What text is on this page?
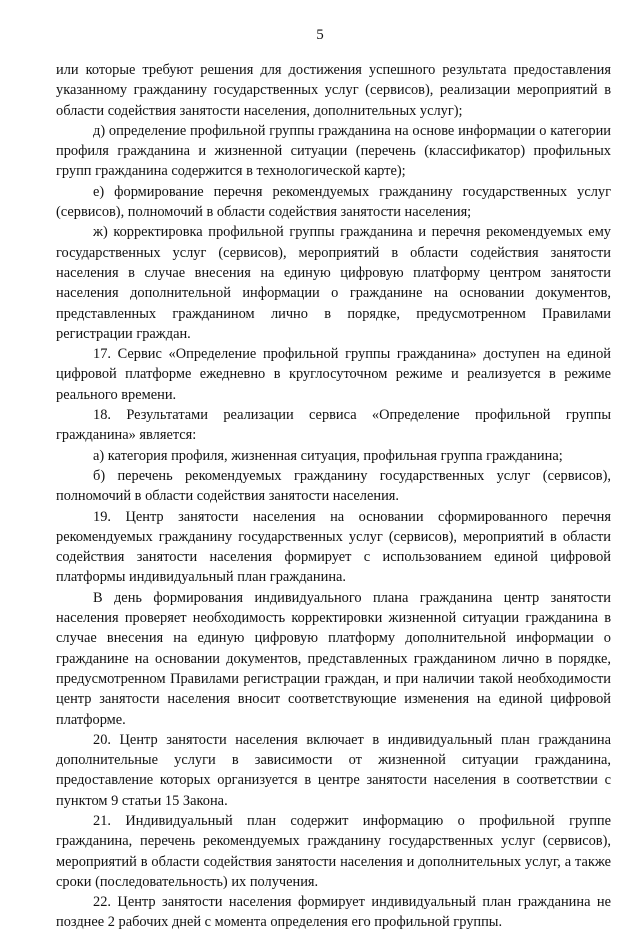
5

или которые требуют решения для достижения успешного результата предоставления указанному гражданину государственных услуг (сервисов), реализации мероприятий в области содействия занятости населения, дополнительных услуг);

д) определение профильной группы гражданина на основе информации о категории профиля гражданина и жизненной ситуации (перечень (классификатор) профильных групп гражданина содержится в технологической карте);

е) формирование перечня рекомендуемых гражданину государственных услуг (сервисов), полномочий в области содействия занятости населения;

ж) корректировка профильной группы гражданина и перечня рекомендуемых ему государственных услуг (сервисов), мероприятий в области содействия занятости населения в случае внесения на единую цифровую платформу центром занятости населения дополнительной информации о гражданине на основании документов, представленных гражданином лично в порядке, предусмотренном Правилами регистрации граждан.

17. Сервис «Определение профильной группы гражданина» доступен на единой цифровой платформе ежедневно в круглосуточном режиме и реализуется в режиме реального времени.

18. Результатами реализации сервиса «Определение профильной группы гражданина» является:

а) категория профиля, жизненная ситуация, профильная группа гражданина;

б) перечень рекомендуемых гражданину государственных услуг (сервисов), полномочий в области содействия занятости населения.

19. Центр занятости населения на основании сформированного перечня рекомендуемых гражданину государственных услуг (сервисов), мероприятий в области содействия занятости населения формирует с использованием единой цифровой платформы индивидуальный план гражданина.

В день формирования индивидуального плана гражданина центр занятости населения проверяет необходимость корректировки жизненной ситуации гражданина в случае внесения на единую цифровую платформу дополнительной информации о гражданине на основании документов, представленных гражданином лично в порядке, предусмотренном Правилами регистрации граждан, и при наличии такой необходимости центр занятости населения вносит соответствующие изменения на единой цифровой платформе.

20. Центр занятости населения включает в индивидуальный план гражданина дополнительные услуги в зависимости от жизненной ситуации гражданина, предоставление которых организуется в центре занятости населения в соответствии с пунктом 9 статьи 15 Закона.

21. Индивидуальный план содержит информацию о профильной группе гражданина, перечень рекомендуемых гражданину государственных услуг (сервисов), мероприятий в области содействия занятости населения и дополнительных услуг, а также сроки (последовательность) их получения.

22. Центр занятости населения формирует индивидуальный план гражданина не позднее 2 рабочих дней с момента определения его профильной группы.
